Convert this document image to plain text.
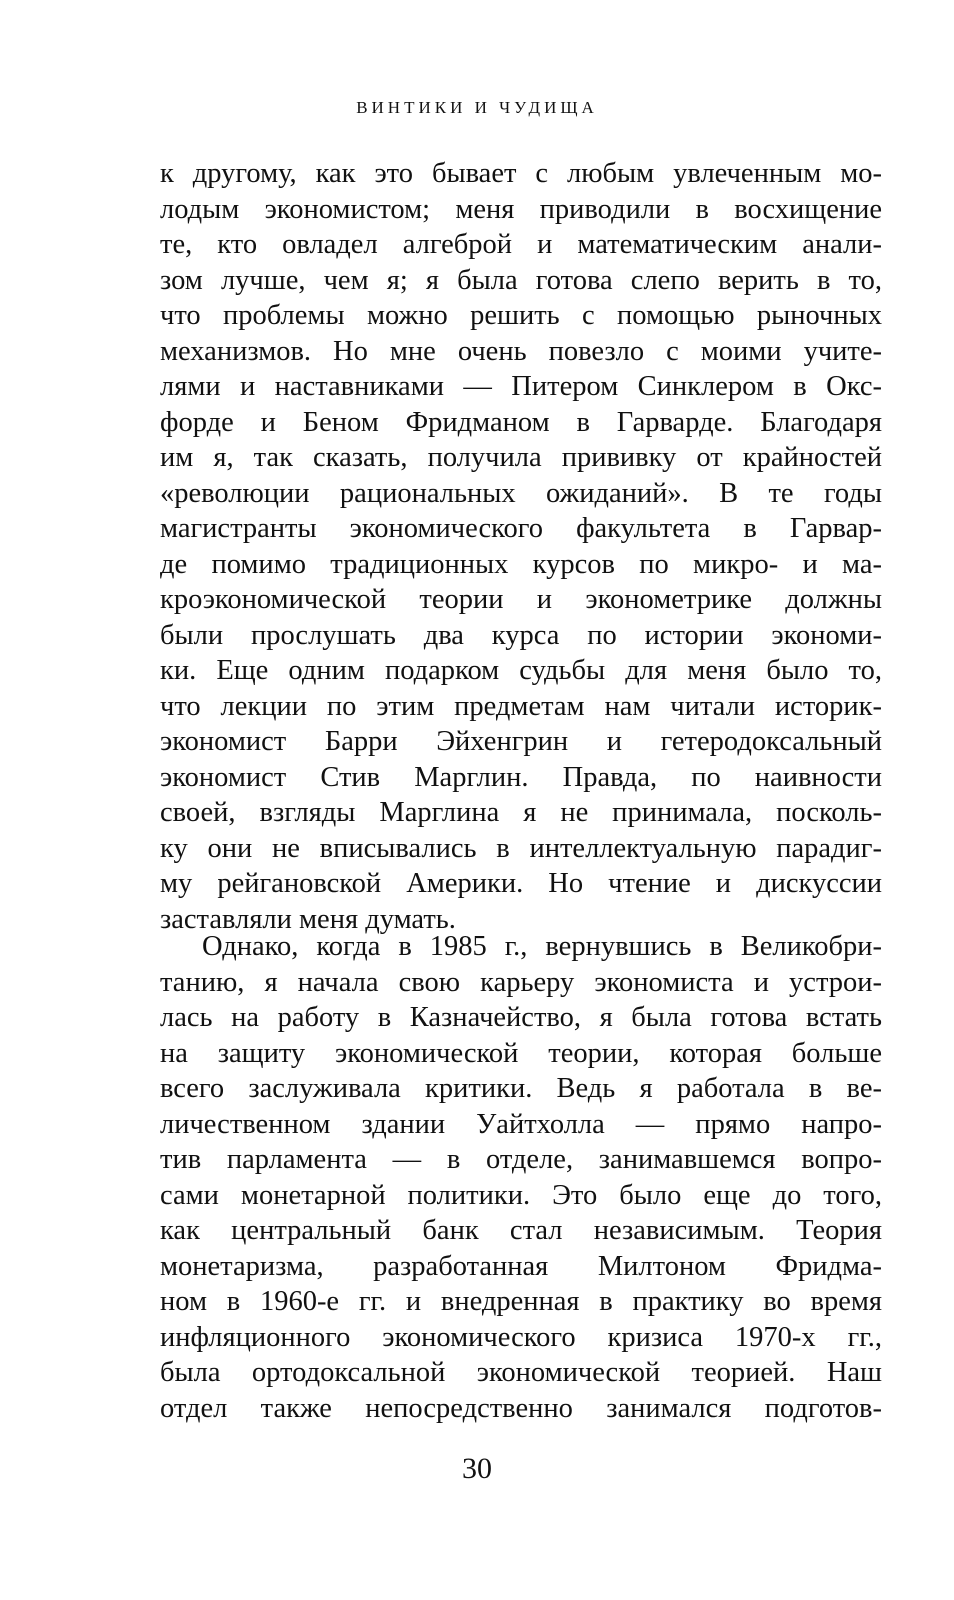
ВИНТИКИ И ЧУДИЩА
к другому, как это бывает с любым увлеченным мо-
лодым экономистом; меня приводили в восхищение
те, кто овладел алгеброй и математическим анали-
зом лучше, чем я; я была готова слепо верить в то,
что проблемы можно решить с помощью рыночных
механизмов. Но мне очень повезло с моими учите-
лями и наставниками — Питером Синклером в Окс-
форде и Беном Фридманом в Гарварде. Благодаря
им я, так сказать, получила прививку от крайностей
«революции рациональных ожиданий». В те годы
магистранты экономического факультета в Гарвар-
де помимо традиционных курсов по микро- и ма-
кроэкономической теории и эконометрике должны
были прослушать два курса по истории экономи-
ки. Еще одним подарком судьбы для меня было то,
что лекции по этим предметам нам читали историк-
экономист Барри Эйхенгрин и гетеродоксальный
экономист Стив Марглин. Правда, по наивности
своей, взгляды Марглина я не принимала, посколь-
ку они не вписывались в интеллектуальную парадиг-
му рейгановской Америки. Но чтение и дискуссии
заставляли меня думать.
Однако, когда в 1985 г., вернувшись в Великобри-
танию, я начала свою карьеру экономиста и устрои-
лась на работу в Казначейство, я была готова встать
на защиту экономической теории, которая больше
всего заслуживала критики. Ведь я работала в ве-
личественном здании Уайтхолла — прямо напро-
тив парламента — в отделе, занимавшемся вопро-
сами монетарной политики. Это было еще до того,
как центральный банк стал независимым. Теория
монетаризма, разработанная Милтоном Фридма-
ном в 1960-е гг. и внедренная в практику во время
инфляционного экономического кризиса 1970-х гг.,
была ортодоксальной экономической теорией. Наш
отдел также непосредственно занимался подготов-
30
